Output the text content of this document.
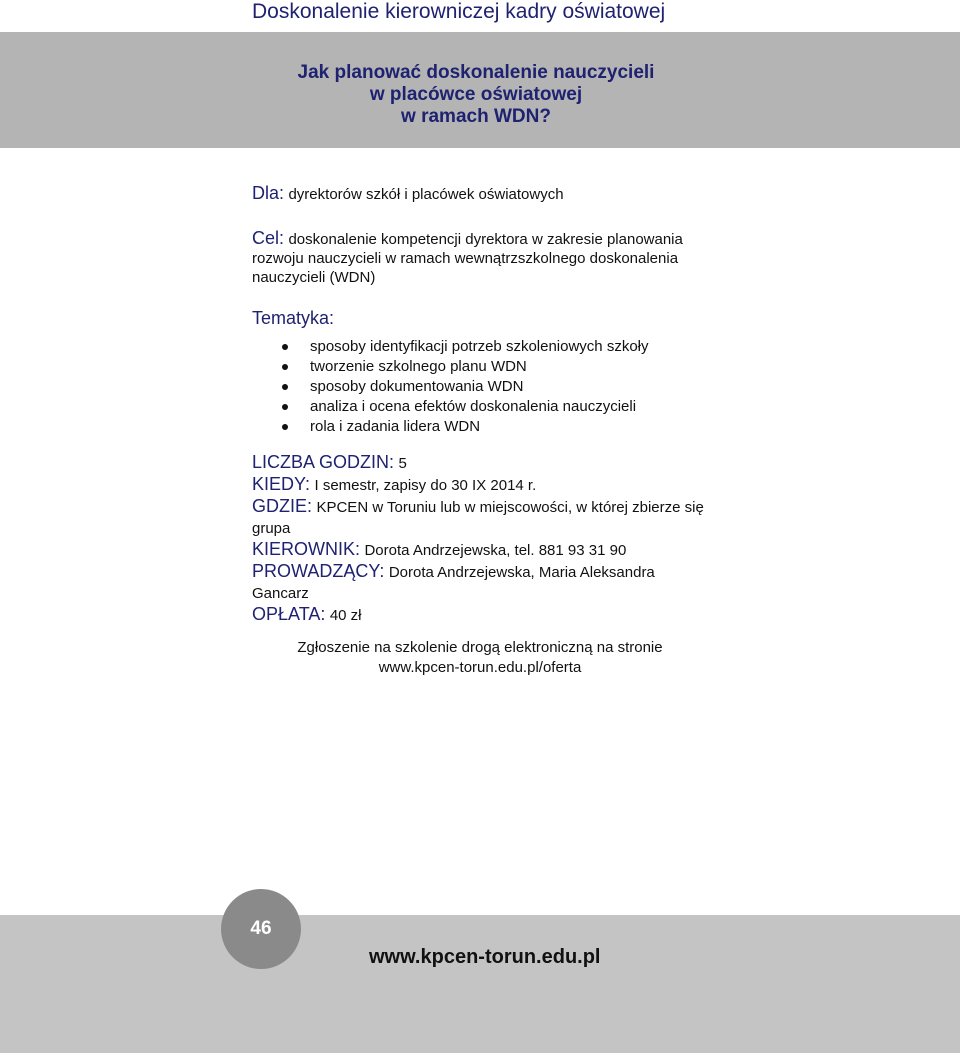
Doskonalenie kierowniczej kadry oświatowej
Jak planować doskonalenie nauczycieli
w placówce oświatowej
w ramach WDN?
Dla: dyrektorów szkół i placówek oświatowych
Cel: doskonalenie kompetencji dyrektora w zakresie planowania rozwoju nauczycieli w ramach wewnątrzszkolnego doskonalenia nauczycieli (WDN)
Tematyka:
sposoby identyfikacji potrzeb szkoleniowych szkoły
tworzenie szkolnego planu WDN
sposoby dokumentowania WDN
analiza i ocena efektów doskonalenia nauczycieli
rola i zadania lidera WDN
LICZBA GODZIN: 5
KIEDY: I semestr, zapisy do 30 IX 2014 r.
GDZIE: KPCEN w Toruniu lub w miejscowości, w której zbierze się grupa
KIEROWNIK: Dorota Andrzejewska, tel. 881 93 31 90
PROWADZĄCY: Dorota Andrzejewska, Maria Aleksandra Gancarz
OPŁATA: 40 zł
Zgłoszenie na szkolenie drogą elektroniczną na stronie
www.kpcen-torun.edu.pl/oferta
46
www.kpcen-torun.edu.pl
